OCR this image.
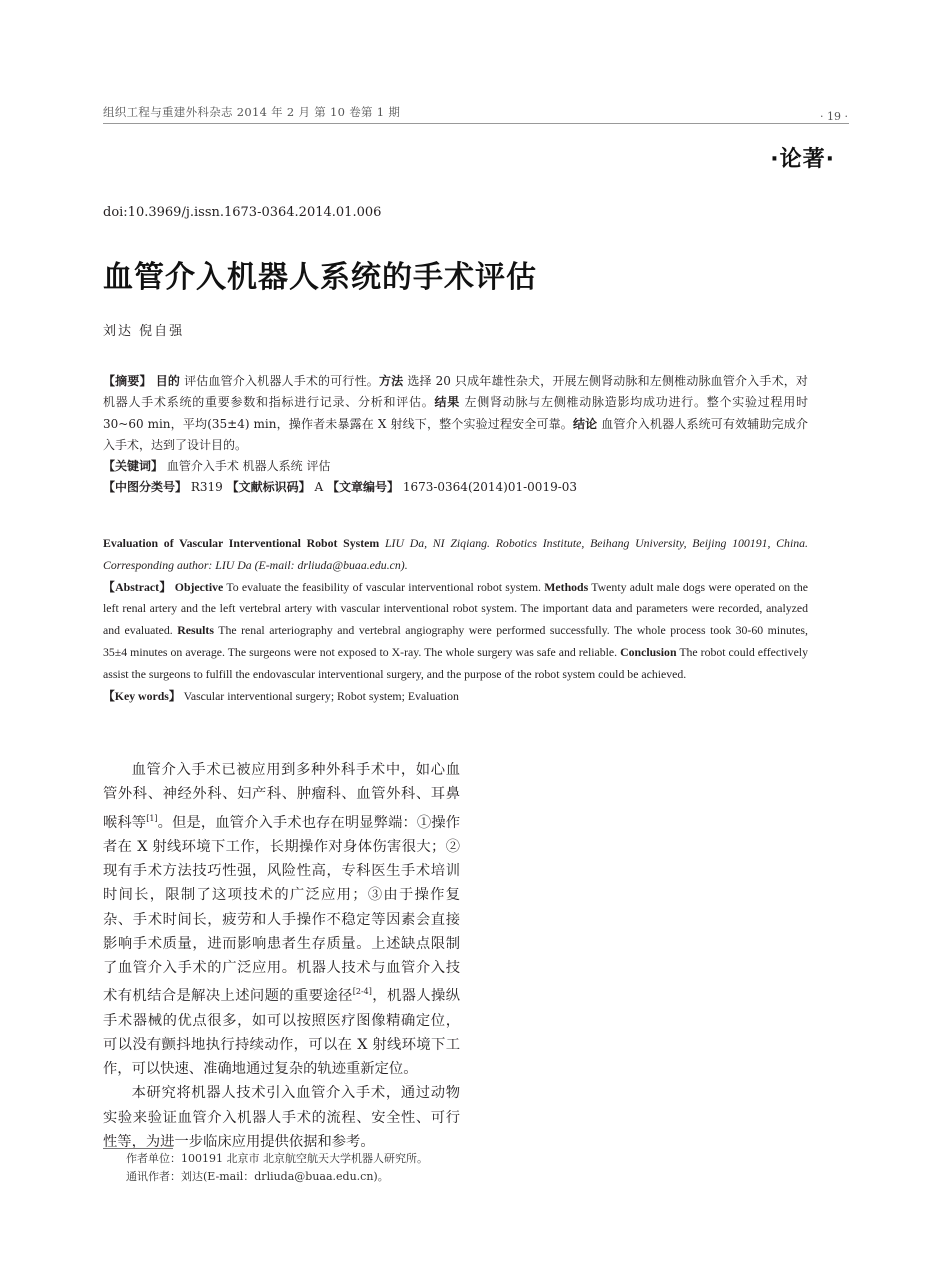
组织工程与重建外科杂志 2014 年 2 月 第 10 卷第 1 期	· 19 ·
·论著·
doi:10.3969/j.issn.1673-0364.2014.01.006
血管介入机器人系统的手术评估
刘达 倪自强
【摘要】 目的 评估血管介入机器人手术的可行性。方法 选择 20 只成年雄性杂犬，开展左侧肾动脉和左侧椎动脉血管介入手术，对机器人手术系统的重要参数和指标进行记录、分析和评估。结果 左侧肾动脉与左侧椎动脉造影均成功进行。整个实验过程用时 30~60 min，平均(35±4) min，操作者未暴露在 X 射线下，整个实验过程安全可靠。结论 血管介入机器人系统可有效辅助完成介入手术，达到了设计目的。
【关键词】 血管介入手术 机器人系统 评估
【中图分类号】 R319 【文献标识码】 A 【文章编号】 1673-0364(2014)01-0019-03
Evaluation of Vascular Interventional Robot System LIU Da, NI Ziqiang. Robotics Institute, Beihang University, Beijing 100191, China. Corresponding author: LIU Da (E-mail: drliuda@buaa.edu.cn).
【Abstract】 Objective To evaluate the feasibility of vascular interventional robot system. Methods Twenty adult male dogs were operated on the left renal artery and the left vertebral artery with vascular interventional robot system. The important data and parameters were recorded, analyzed and evaluated. Results The renal arteriography and vertebral angiography were performed successfully. The whole process took 30-60 minutes, 35±4 minutes on average. The surgeons were not exposed to X-ray. The whole surgery was safe and reliable. Conclusion The robot could effectively assist the surgeons to fulfill the endovascular interventional surgery, and the purpose of the robot system could be achieved.
【Key words】 Vascular interventional surgery; Robot system; Evaluation

血管介入手术已被应用到多种外科手术中，如心血管外科、神经外科、妇产科、肿瘤科、血管外科、耳鼻喉科等[1]。但是，血管介入手术也存在明显弊端：①操作者在 X 射线环境下工作，长期操作对身体伤害很大；②现有手术方法技巧性强，风险性高，专科医生手术培训时间长，限制了这项技术的广泛应用；③由于操作复杂、手术时间长，疲劳和人手操作不稳定等因素会直接影响手术质量，进而影响患者生存质量。上述缺点限制了血管介入手术的广泛应用。机器人技术与血管介入技术有机结合是解决上述问题的重要途径[2-4]，机器人操纵手术器械的优点很多，如可以按照医疗图像精确定位，可以没有颤抖地执行持续动作，可以在 X 射线环境下工作，可以快速、准确地通过复杂的轨迹重新定位。

本研究将机器人技术引入血管介入手术，通过动物实验来验证血管介入机器人手术的流程、安全性、可行性等，为进一步临床应用提供依据和参考。

作者单位：100191 北京市 北京航空航天大学机器人研究所。
通讯作者：刘达(E-mail：drliuda@buaa.edu.cn)。
